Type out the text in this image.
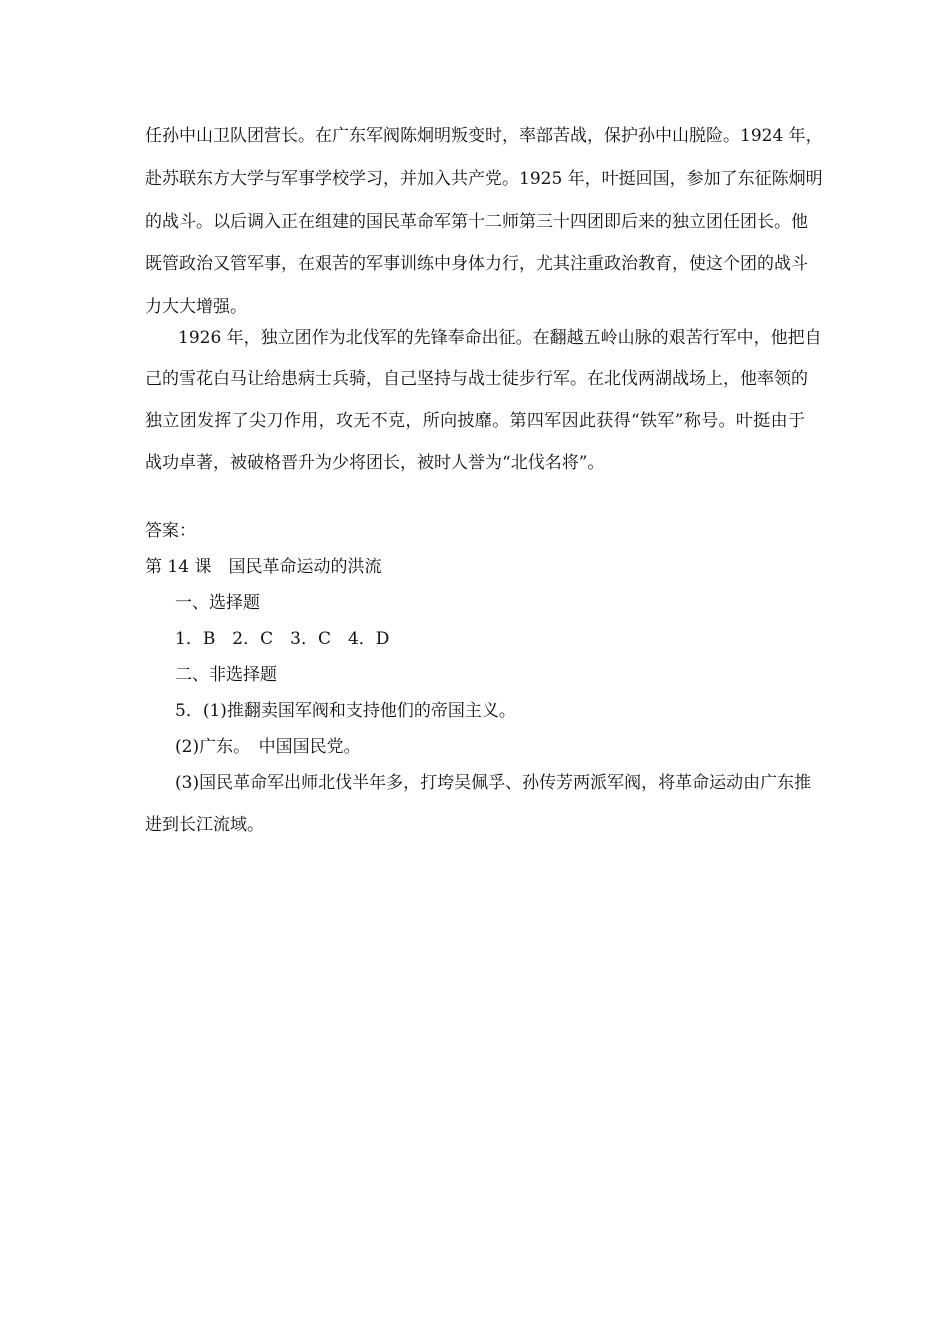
任孙中山卫队团营长。在广东军阀陈炯明叛变时，率部苦战，保护孙中山脱险。1924 年，
赴苏联东方大学与军事学校学习，并加入共产党。1925 年，叶挺回国，参加了东征陈炯明
的战斗。以后调入正在组建的国民革命军第十二师第三十四团即后来的独立团任团长。他
既管政治又管军事，在艰苦的军事训练中身体力行，尤其注重政治教育，使这个团的战斗
力大大增强。
1926 年，独立团作为北伐军的先锋奉命出征。在翻越五岭山脉的艰苦行军中，他把自
己的雪花白马让给患病士兵骑，自己坚持与战士徒步行军。在北伐两湖战场上，他率领的
独立团发挥了尖刀作用，攻无不克，所向披靡。第四军因此获得“铁军”称号。叶挺由于
战功卓著，被破格晋升为少将团长，被时人誉为“北伐名将”。
答案：
第 14 课　国民革命运动的洪流
一、选择题
1．B　2．C　3．C　4．D
二、非选择题
5．(1)推翻卖国军阀和支持他们的帝国主义。
(2)广东。　中国国民党。
(3)国民革命军出师北伐半年多，打垮吴佩孚、孙传芳两派军阀，将革命运动由广东推
进到长江流域。
